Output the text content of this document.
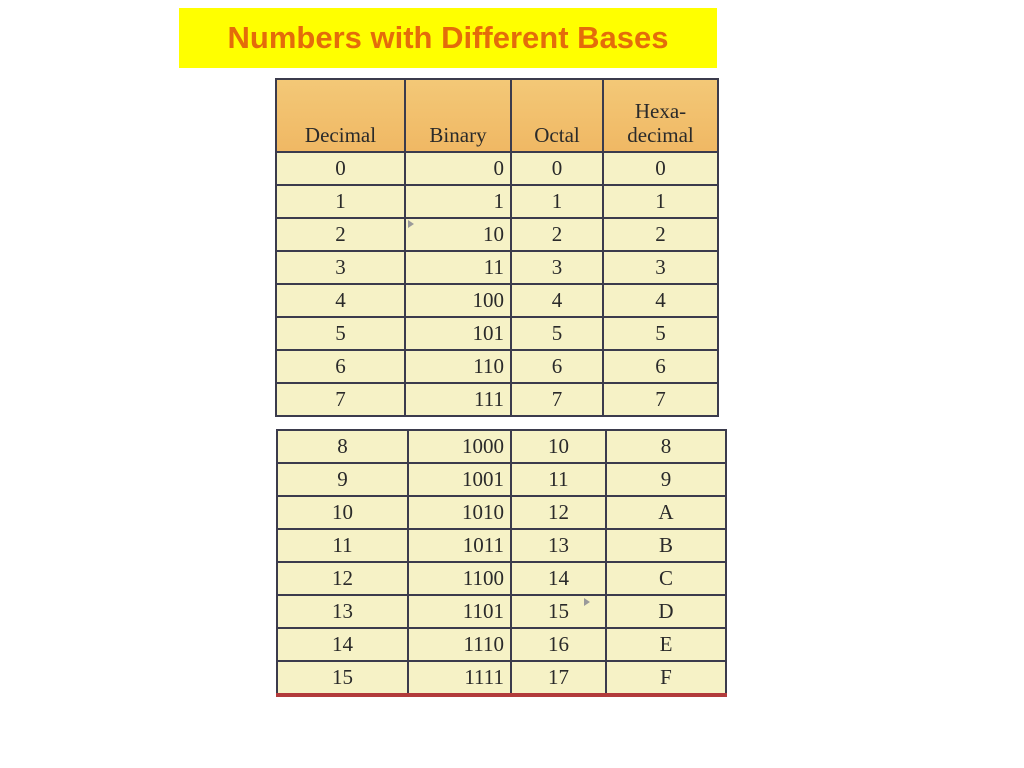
Numbers with Different Bases
Decimal	Binary	Octal	Hexa-
decimal
0	0	0	0
1	1	1	1
2	10	2	2
3	11	3	3
4	100	4	4
5	101	5	5
6	110	6	6
7	111	7	7
8	1000	10	8
9	1001	11	9
10	1010	12	A
11	1011	13	B
12	1100	14	C
13	1101	15	D
14	1110	16	E
15	1111	17	F
